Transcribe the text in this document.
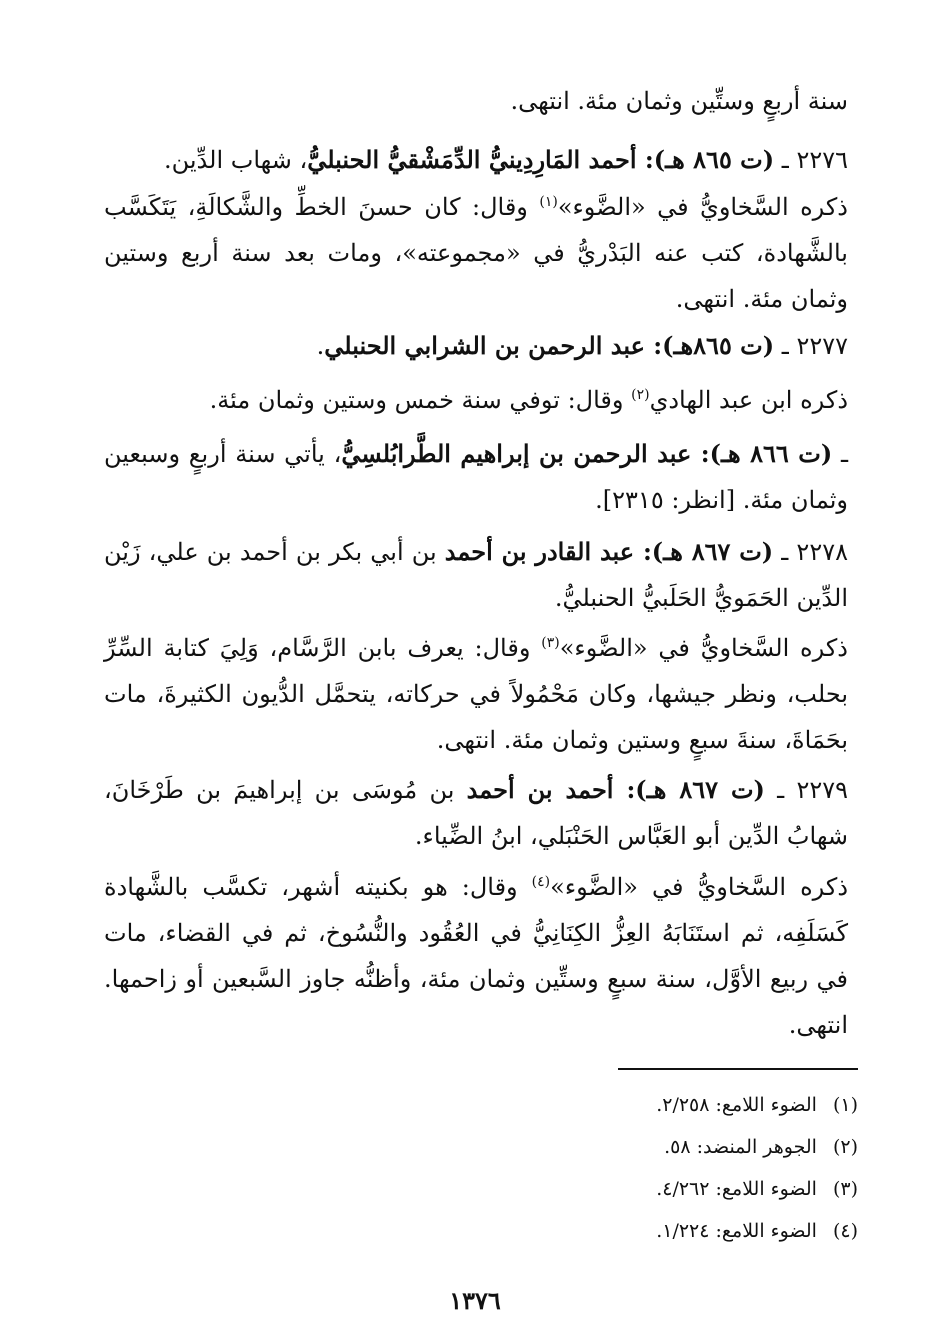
سنة أربعٍ وستِّين وثمان مئة. انتهى.
٢٢٧٦ ـ (ت ٨٦٥ هـ): أحمد المَارِدِينيُّ الدِّمَشْقيُّ الحنبليُّ، شهاب الدِّين.
ذكره السَّخاويُّ في «الضَّوء»$^{(١)}$ وقال: كان حسنَ الخطِّ والشَّكالَةِ، يَتَكَسَّب بالشَّهادة، كتب عنه البَدْريُّ في «مجموعته»، ومات بعد سنة أربع وستين وثمان مئة. انتهى.
٢٢٧٧ ـ (ت ٨٦٥هـ): عبد الرحمن بن الشرابي الحنبلي.
ذكره ابن عبد الهادي$^{(٢)}$ وقال: توفي سنة خمس وستين وثمان مئة.
ـ (ت ٨٦٦ هـ): عبد الرحمن بن إبراهيم الطَّرابُلسِيُّ، يأتي سنة أربعٍ وسبعين وثمان مئة. [انظر: ٢٣١٥].
٢٢٧٨ ـ (ت ٨٦٧ هـ): عبد القادر بن أحمد بن أبي بكر بن أحمد بن علي، زَيْن الدِّين الحَمَويُّ الحَلَبيُّ الحنبليُّ.
ذكره السَّخاويُّ في «الضَّوء»$^{(٣)}$ وقال: يعرف بابن الرَّسَّام، وَلِيَ كتابة السِّرِّ بحلب، ونظر جيشها، وكان مَحْمُولاً في حركاته، يتحمَّل الدُّيون الكثيرةَ، مات بحَمَاةَ، سنةَ سبعٍ وستين وثمان مئة. انتهى.
٢٢٧٩ ـ (ت ٨٦٧ هـ): أحمد بن أحمد بن مُوسَى بن إبراهيمَ بن طَرْخَانَ، شهابُ الدِّين أبو العَبَّاس الحَنْبَلي، ابنُ الضِّياء.
ذكره السَّخاويُّ في «الضَّوء»$^{(٤)}$ وقال: هو بكنيته أشهر، تكسَّب بالشَّهادة كَسَلَفِه، ثم استَنَابَهُ العِزُّ الكِنَانِيُّ في العُقُود والنُّسُوخ، ثم في القضاء، مات في ربيع الأوَّل، سنة سبعٍ وستِّين وثمان مئة، وأظنُّه جاوز السَّبعين أو زاحمها. انتهى.
(١)الضوء اللامع: ٢/٢٥٨.
(٢)الجوهر المنضد: ٥٨.
(٣)الضوء اللامع: ٤/٢٦٢.
(٤)الضوء اللامع: ١/٢٢٤.
١٣٧٦
